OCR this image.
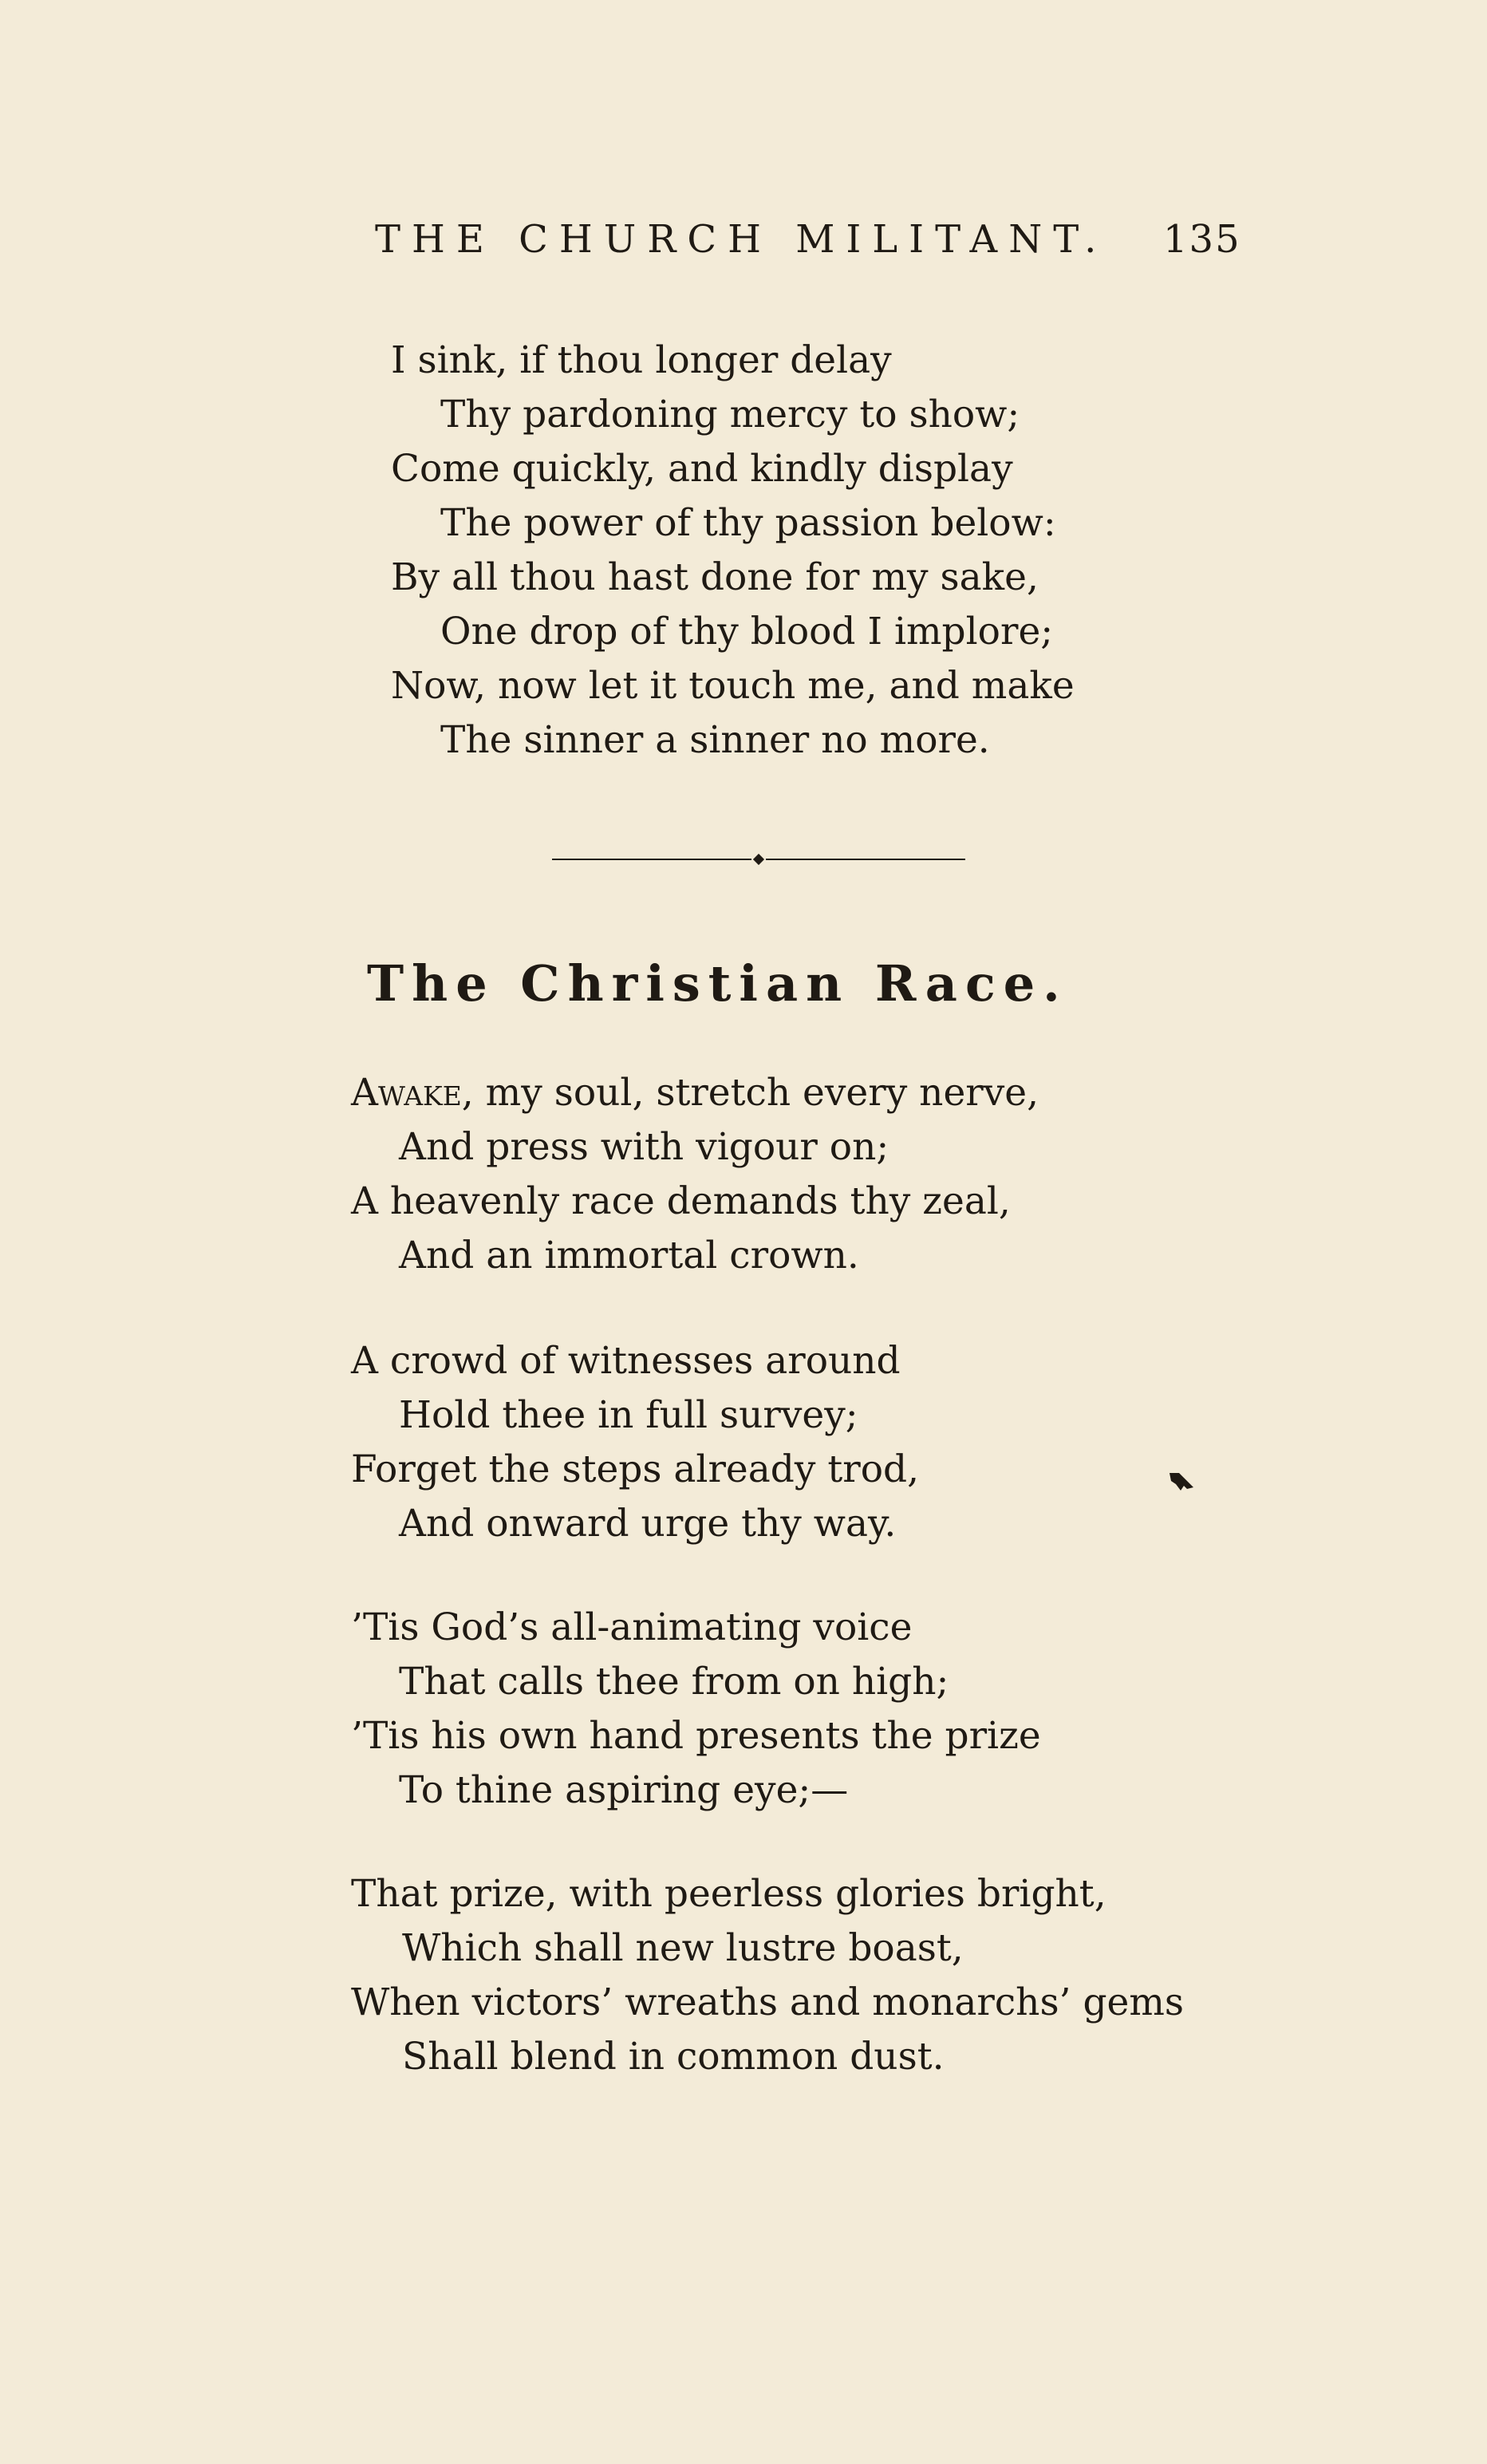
THE CHURCH MILITANT. 135
I sink, if thou longer delay
Thy pardoning mercy to show;
Come quickly, and kindly display
The power of thy passion below:
By all thou hast done for my sake,
One drop of thy blood I implore;
Now, now let it touch me, and make
The sinner a sinner no more.
The Christian Race.
Awake, my soul, stretch every nerve,
And press with vigour on;
A heavenly race demands thy zeal,
And an immortal crown.
A crowd of witnesses around
Hold thee in full survey;
Forget the steps already trod,
And onward urge thy way.
’Tis God’s all-animating voice
That calls thee from on high;
’Tis his own hand presents the prize
To thine aspiring eye;—
That prize, with peerless glories bright,
Which shall new lustre boast,
When victors’ wreaths and monarchs’ gems
Shall blend in common dust.
